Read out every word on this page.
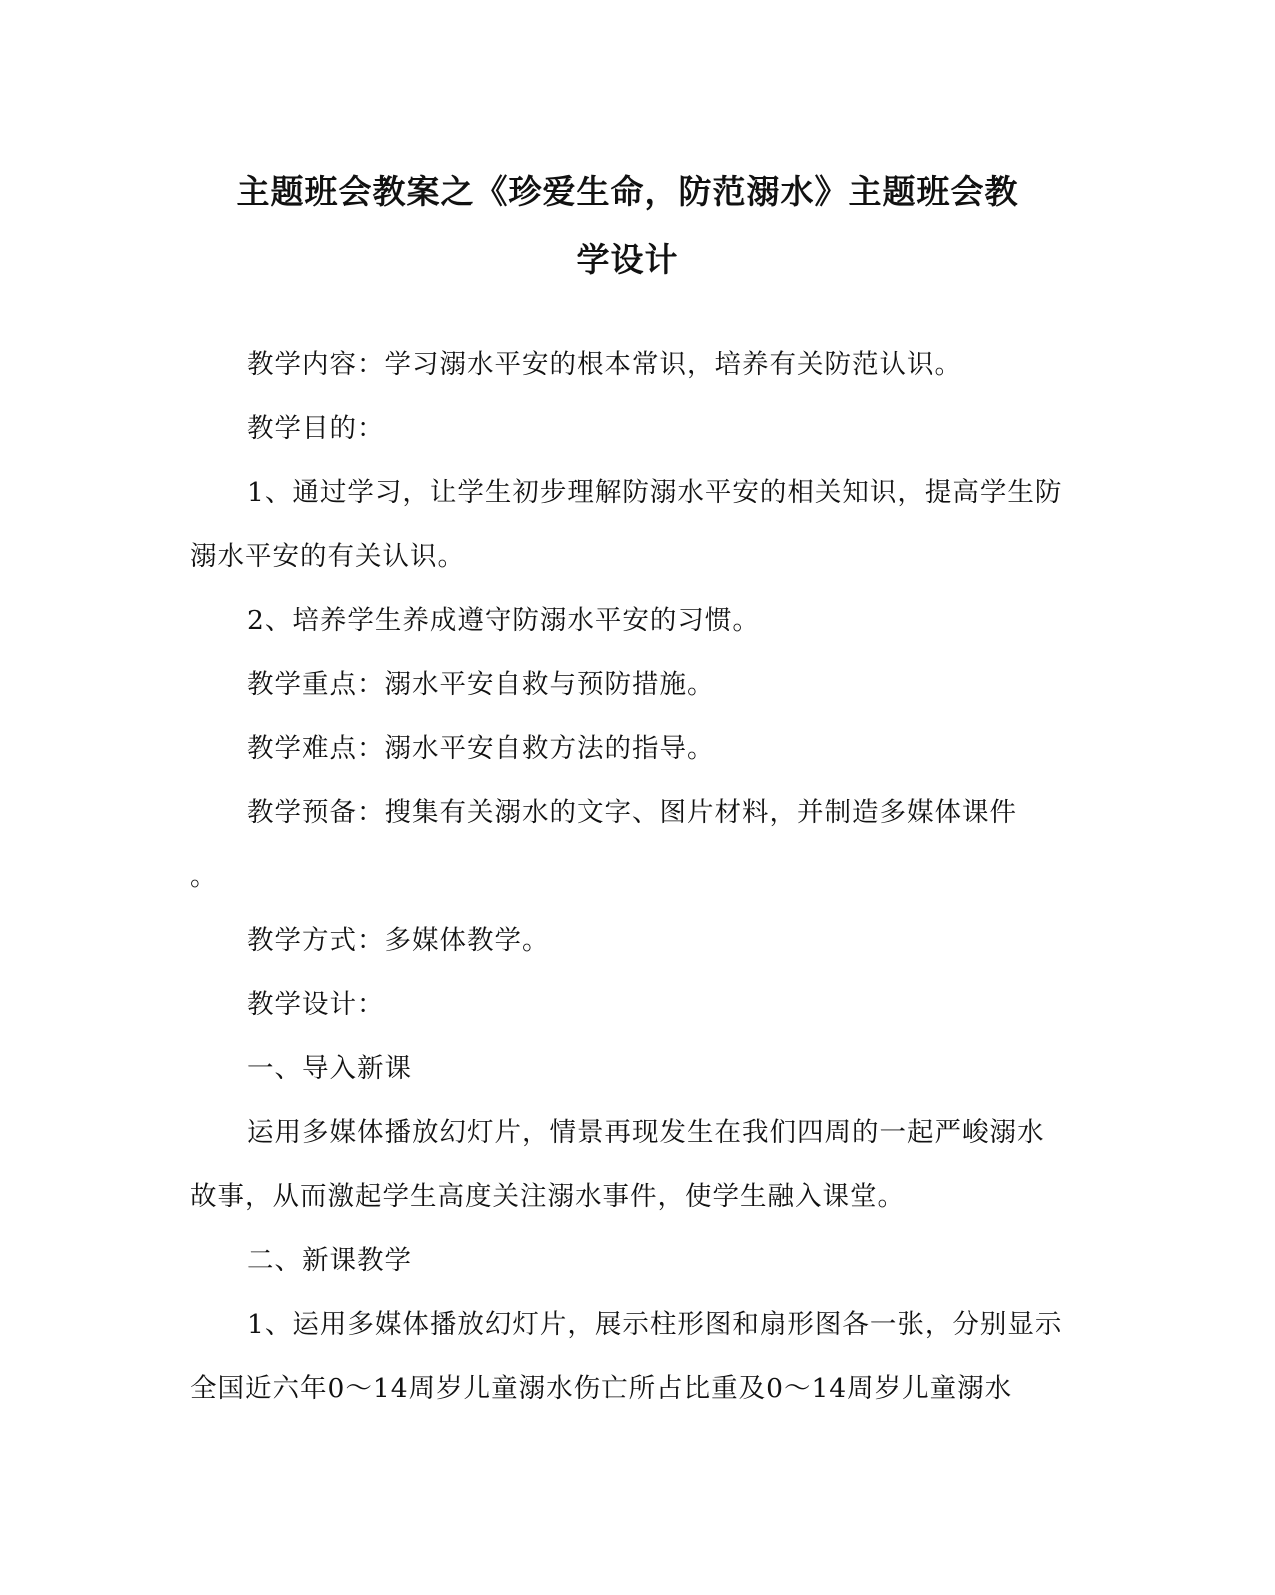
主题班会教案之《珍爱生命，防范溺水》主题班会教
学设计

教学内容：学习溺水平安的根本常识，培养有关防范认识。

教学目的：

1、通过学习，让学生初步理解防溺水平安的相关知识，提高学生防溺水平安的有关认识。

2、培养学生养成遵守防溺水平安的习惯。

教学重点：溺水平安自救与预防措施。

教学难点：溺水平安自救方法的指导。

教学预备：搜集有关溺水的文字、图片材料，并制造多媒体课件

。

教学方式：多媒体教学。

教学设计：

一、导入新课

运用多媒体播放幻灯片，情景再现发生在我们四周的一起严峻溺水故事，从而激起学生高度关注溺水事件，使学生融入课堂。

二、新课教学

1、运用多媒体播放幻灯片，展示柱形图和扇形图各一张，分别显示全国近六年0～14周岁儿童溺水伤亡所占比重及0～14周岁儿童溺水
